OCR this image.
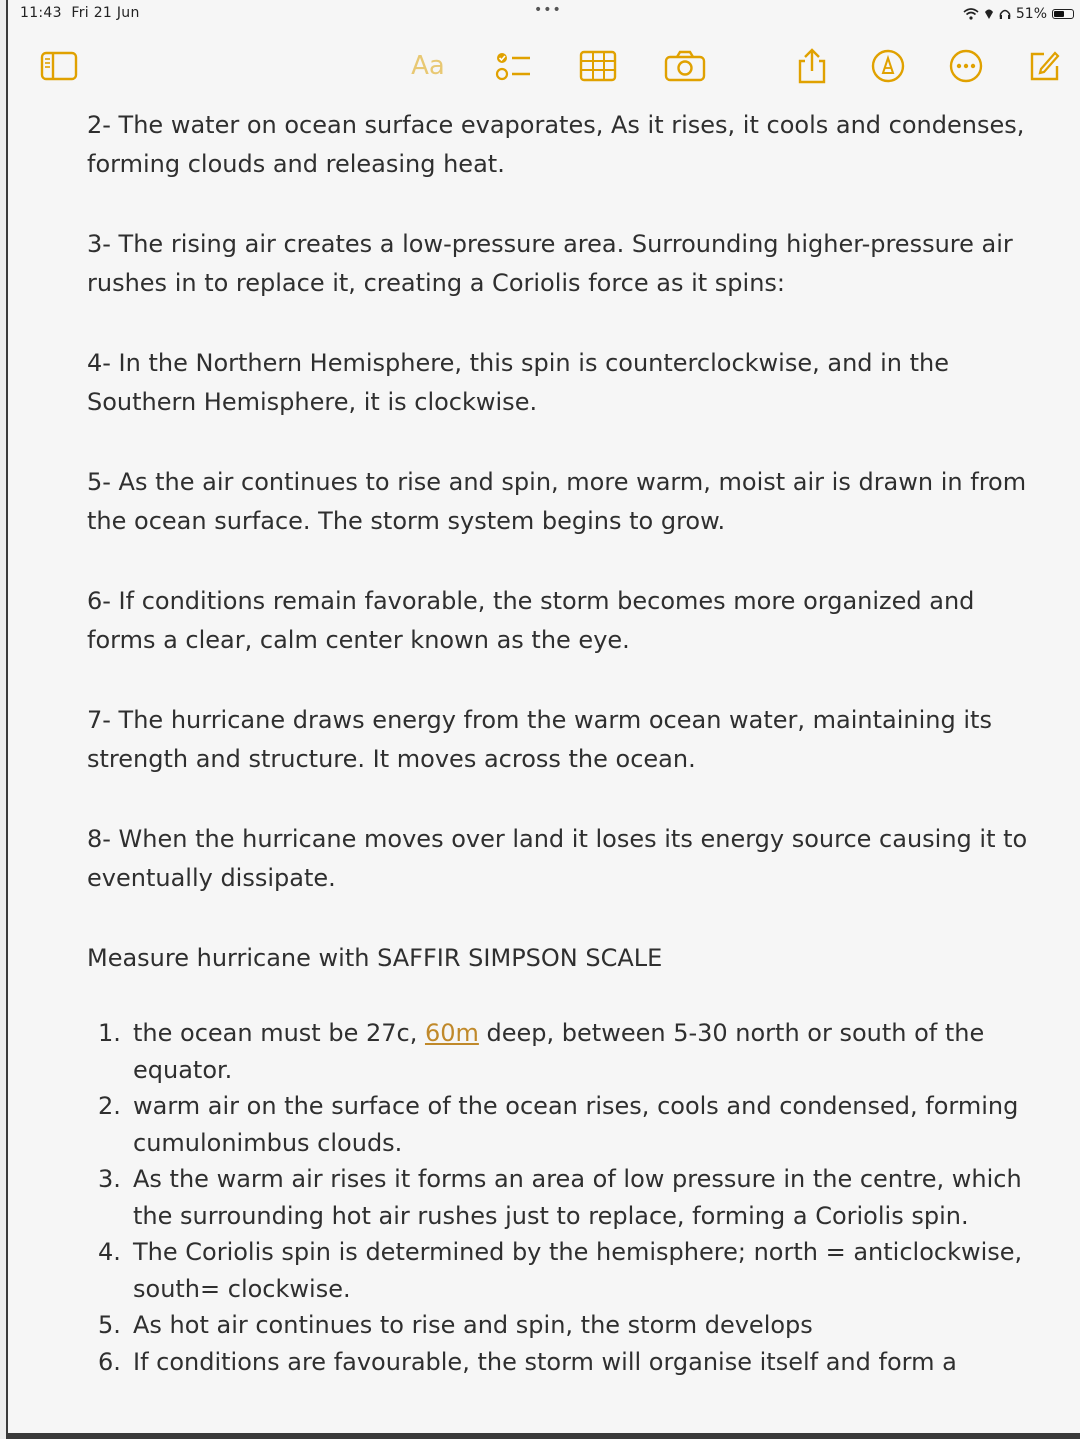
11:43 Fri 21 Jun	•••	51%
Aa

2- The water on ocean surface evaporates, As it rises, it cools and condenses, forming clouds and releasing heat.

3- The rising air creates a low-pressure area. Surrounding higher-pressure air rushes in to replace it, creating a Coriolis force as it spins:

4- In the Northern Hemisphere, this spin is counterclockwise, and in the Southern Hemisphere, it is clockwise.

5- As the air continues to rise and spin, more warm, moist air is drawn in from the ocean surface. The storm system begins to grow.

6- If conditions remain favorable, the storm becomes more organized and forms a clear, calm center known as the eye.

7- The hurricane draws energy from the warm ocean water, maintaining its strength and structure. It moves across the ocean.

8- When the hurricane moves over land it loses its energy source causing it to eventually dissipate.

Measure hurricane with SAFFIR SIMPSON SCALE

1. the ocean must be 27c, 60m deep, between 5-30 north or south of the equator.
2. warm air on the surface of the ocean rises, cools and condensed, forming cumulonimbus clouds.
3. As the warm air rises it forms an area of low pressure in the centre, which the surrounding hot air rushes just to replace, forming a Coriolis spin.
4. The Coriolis spin is determined by the hemisphere; north = anticlockwise, south= clockwise.
5. As hot air continues to rise and spin, the storm develops
6. If conditions are favourable, the storm will organise itself and form a
